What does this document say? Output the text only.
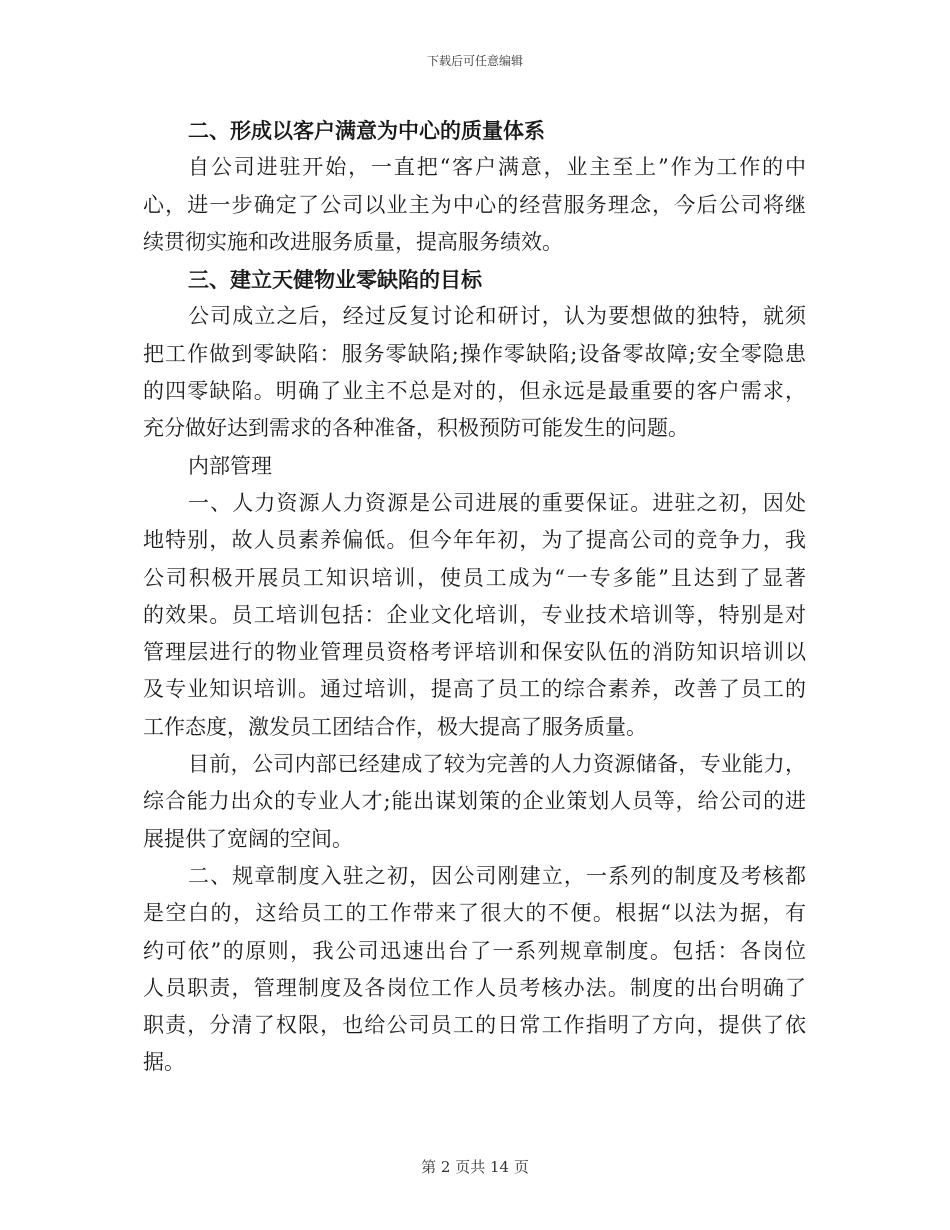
下载后可任意编辑
二、形成以客户满意为中心的质量体系
自公司进驻开始，一直把“客户满意，业主至上”作为工作的中
心，进一步确定了公司以业主为中心的经营服务理念，今后公司将继
续贯彻实施和改进服务质量，提高服务绩效。
三、建立天健物业零缺陷的目标
公司成立之后，经过反复讨论和研讨，认为要想做的独特，就须
把工作做到零缺陷：服务零缺陷;操作零缺陷;设备零故障;安全零隐患
的四零缺陷。明确了业主不总是对的，但永远是最重要的客户需求，
充分做好达到需求的各种准备，积极预防可能发生的问题。
内部管理
一、人力资源人力资源是公司进展的重要保证。进驻之初，因处
地特别，故人员素养偏低。但今年年初，为了提高公司的竞争力，我
公司积极开展员工知识培训，使员工成为“一专多能”且达到了显著
的效果。员工培训包括：企业文化培训，专业技术培训等，特别是对
管理层进行的物业管理员资格考评培训和保安队伍的消防知识培训以
及专业知识培训。通过培训，提高了员工的综合素养，改善了员工的
工作态度，激发员工团结合作，极大提高了服务质量。
目前，公司内部已经建成了较为完善的人力资源储备，专业能力，
综合能力出众的专业人才;能出谋划策的企业策划人员等，给公司的进
展提供了宽阔的空间。
二、规章制度入驻之初，因公司刚建立，一系列的制度及考核都
是空白的，这给员工的工作带来了很大的不便。根据“以法为据，有
约可依”的原则，我公司迅速出台了一系列规章制度。包括：各岗位
人员职责，管理制度及各岗位工作人员考核办法。制度的出台明确了
职责，分清了权限，也给公司员工的日常工作指明了方向，提供了依
据。
第 2 页共 14 页
